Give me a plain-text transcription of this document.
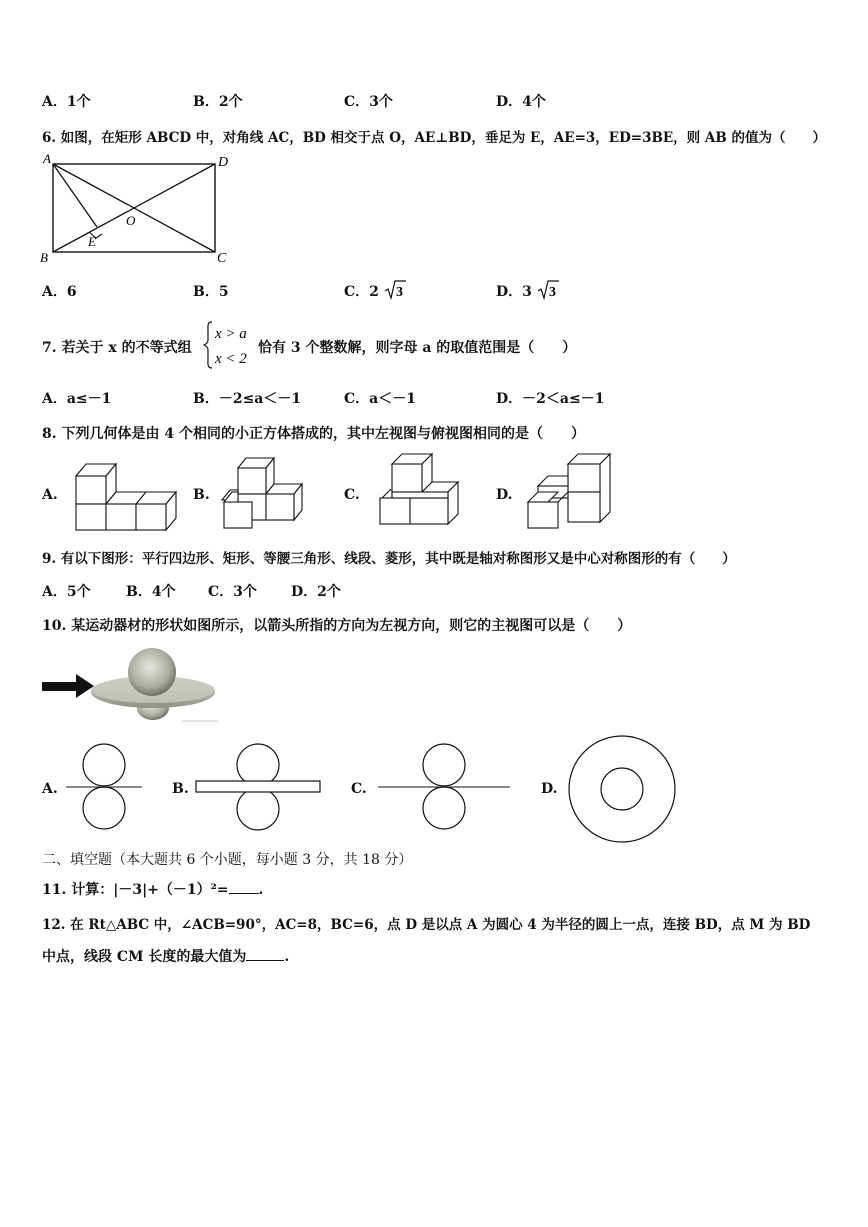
A．1个	B．2个	C．3个	D．4个
6. 如图，在矩形 ABCD 中，对角线 AC，BD 相交于点 O，AE⊥BD，垂足为 E，AE=3，ED=3BE，则 AB 的值为（　　）
A	D
B	C
E
O
A．6	B．5	C．2 3	D．3 3
7. 若关于 x 的不等式组
x > a
x < 2
恰有 3 个整数解，则字母 a 的取值范围是（　　）
A．a≤－1	B．－2≤a＜－1	C．a＜－1	D．－2＜a≤－1
8. 下列几何体是由 4 个相同的小正方体搭成的，其中左视图与俯视图相同的是（　　）
A.	B.	C.	D.
9. 有以下图形：平行四边形、矩形、等腰三角形、线段、菱形，其中既是轴对称图形又是中心对称图形的有（　　）
A．5个	B．4个 C．3个 D．2个
10. 某运动器材的形状如图所示，以箭头所指的方向为左视方向，则它的主视图可以是（　　）
A.	B.	C.	D.
二、填空题（本大题共 6 个小题，每小题 3 分，共 18 分）
11. 计算：|－3|+（－1）²= .
12. 在 Rt△ABC 中，∠ACB=90°，AC=8，BC=6，点 D 是以点 A 为圆心 4 为半径的圆上一点，连接 BD，点 M 为 BD
中点，线段 CM 长度的最大值为	.
